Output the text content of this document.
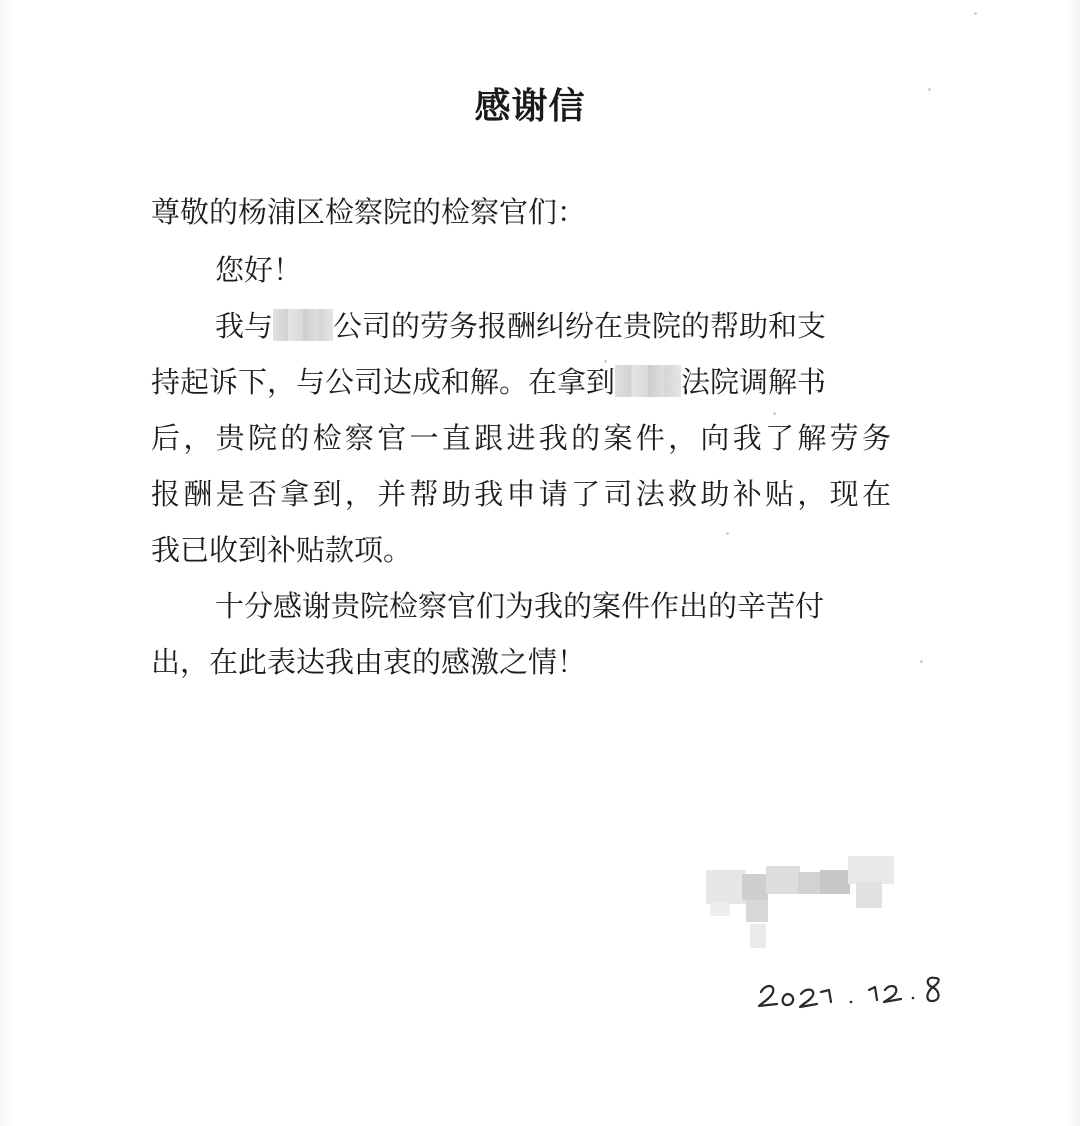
感谢信
尊敬的杨浦区检察院的检察官们：
您好！
我与 公司的劳务报酬纠纷在贵院的帮助和支
持起诉下，与公司达成和解。在拿到 法院调解书
后，贵院的检察官一直跟进我的案件，向我了解劳务
报酬是否拿到，并帮助我申请了司法救助补贴，现在
我已收到补贴款项。
十分感谢贵院检察官们为我的案件作出的辛苦付
出，在此表达我由衷的感激之情！
